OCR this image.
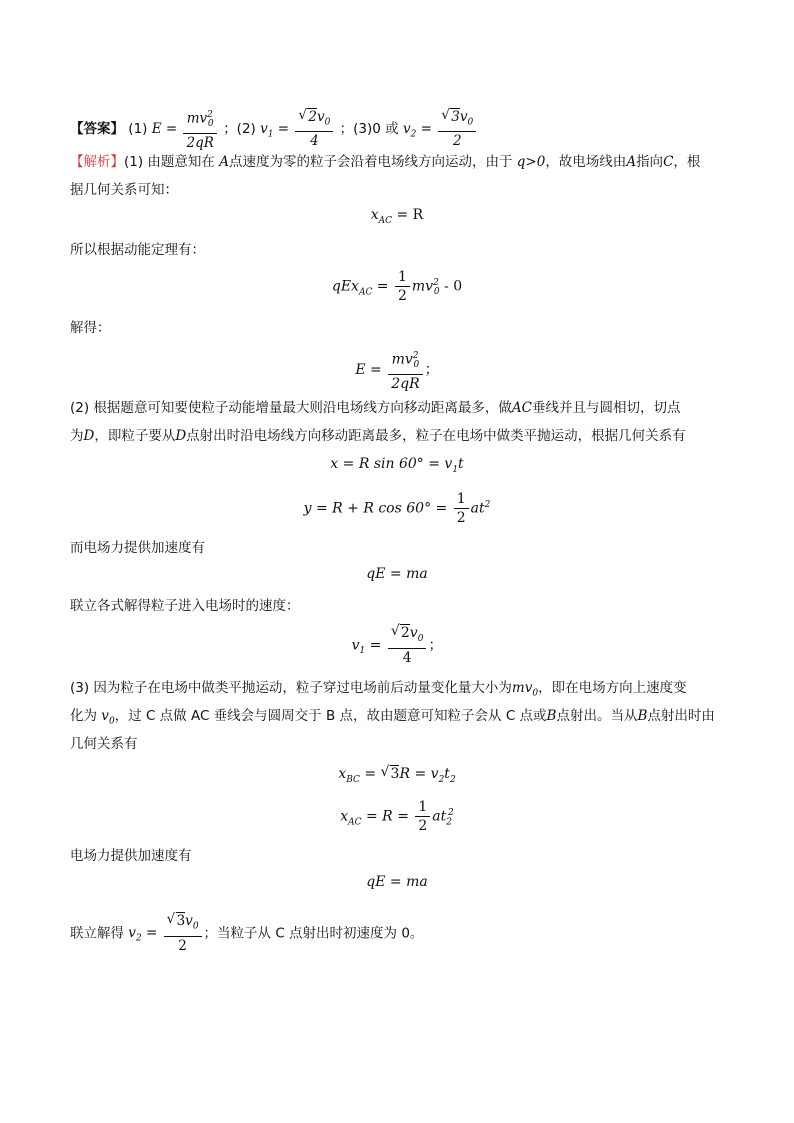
【答案】 (1) $E = \frac{mv^2_0}{2qR}$ ；(2) $v_1$ = √ $\frac{2v_0}{4}$ ；(3)0 或 $v_2$ = √ $\frac{3v_0}{2}$
【解析】(1) 由题意知在 A点速度为零的粒子会沿着电场线方向运动，由于 q>0，故电场线由A指向C，根
据几何关系可知：
$x_{AC} = R$
所以根据动能定理有：
$qEx_{AC} = \frac{1}{2} mv^2_0 - 0$
解得：
$E = \frac{mv^2_0}{2qR}$ ；
(2) 根据题意可知要使粒子动能增量最大则沿电场线方向移动距离最多，做AC垂线并且与圆相切，切点
为D，即粒子要从D点射出时沿电场线方向移动距离最多，粒子在电场中做类平抛运动，根据几何关系有
x = R $\sin 60^\circ = v_1t$
y = R + R $\cos 60^\circ = \frac{1}{2} at^2$
而电场力提供加速度有
qE = ma
联立各式解得粒子进入电场时的速度：
$v_1$ = √ $\frac{2v_0}{4}$ ；
(3) 因为粒子在电场中做类平抛运动，粒子穿过电场前后动量变化量大小为$mv_0$，即在电场方向上速度变
化为 $v_0$，过 C 点做 AC 垂线会与圆周交于 B 点，故由题意可知粒子会从 C 点或B点射出。当从B点射出时由
几何关系有
$x_{BC}$ = √ $3R = v_2t_2$
$x_{AC} = R = \frac{1}{2} at_2^2$
电场力提供加速度有
qE = ma
联立解得 $v_2$ = √ $\frac{3v_0}{2}$ ；当粒子从 C 点射出时初速度为 0。
